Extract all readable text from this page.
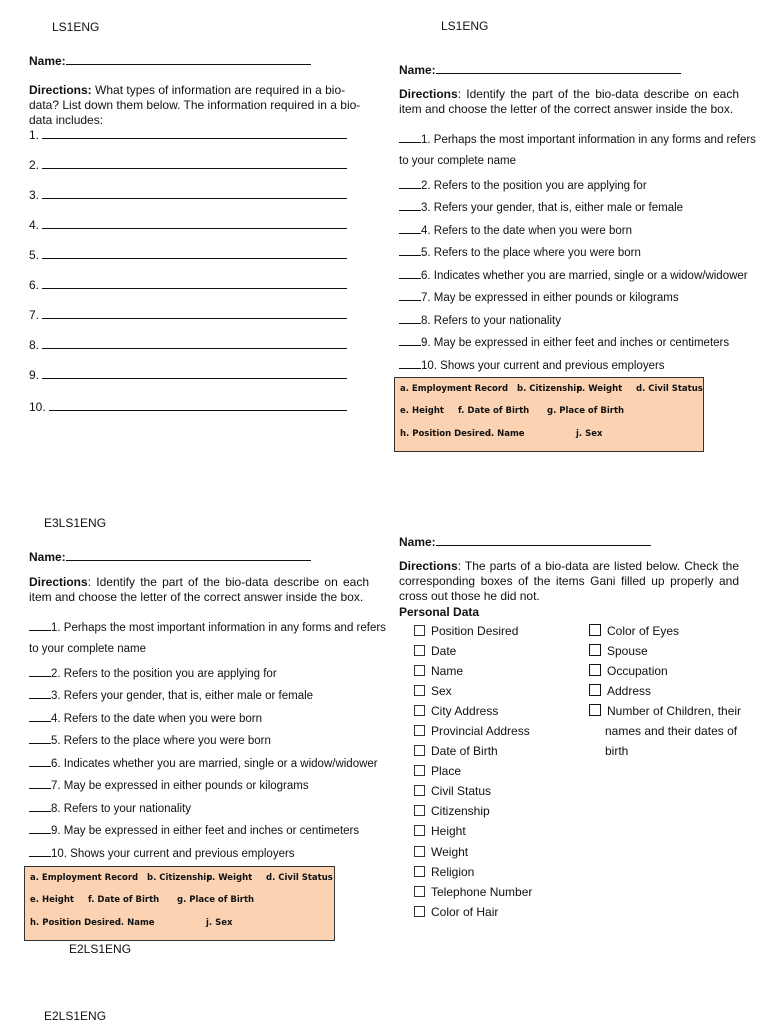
LS1ENG
Name:
Directions: What types of information are required in a bio-data? List down them below. The information required in a bio-data includes:
1.
2.
3.
4.
5.
6.
7.
8.
9.
10.
LS1ENG
Name:
Directions: Identify the part of the bio-data describe on each item and choose the letter of the correct answer inside the box.
1. Perhaps the most important information in any forms and refers
to your complete name
2. Refers to the position you are applying for
3. Refers your gender, that is, either male or female
4. Refers to the date when you were born
5. Refers to the place where you were born
6. Indicates whether you are married, single or a widow/widower
7. May be expressed in either pounds or kilograms
8. Refers to your nationality
9. May be expressed in either feet and inches or centimeters
10. Shows your current and previous employers
a. Employment Record b. Citizenship
c. Weight d. Civil Status
e. Height f. Date of Birth g. Place of Birth
h. Position Desired
i. Name	j. Sex
E3LS1ENG
Name:
Directions: Identify the part of the bio-data describe on each item and choose the letter of the correct answer inside the box.
1. Perhaps the most important information in any forms and refers
to your complete name
2. Refers to the position you are applying for
3. Refers your gender, that is, either male or female
4. Refers to the date when you were born
5. Refers to the place where you were born
6. Indicates whether you are married, single or a widow/widower
7. May be expressed in either pounds or kilograms
8. Refers to your nationality
9. May be expressed in either feet and inches or centimeters
10. Shows your current and previous employers
a. Employment Record b. Citizenship
c. Weight d. Civil Status
e. Height f. Date of Birth g. Place of Birth
h. Position Desired
i. Name	j. Sex
E2LS1ENG
E2LS1ENG
Name:
Directions: The parts of a bio-data are listed below. Check the corresponding boxes of the items Gani filled up properly and cross out those he did not.
Personal Data
Position Desired
Date
Name
Sex
City Address
Provincial Address
Date of Birth
Place
Civil Status
Citizenship
Height
Weight
Religion
Telephone Number
Color of Hair
Color of Eyes
Spouse
Occupation
Address
Number of Children, their
names and their dates of
birth
